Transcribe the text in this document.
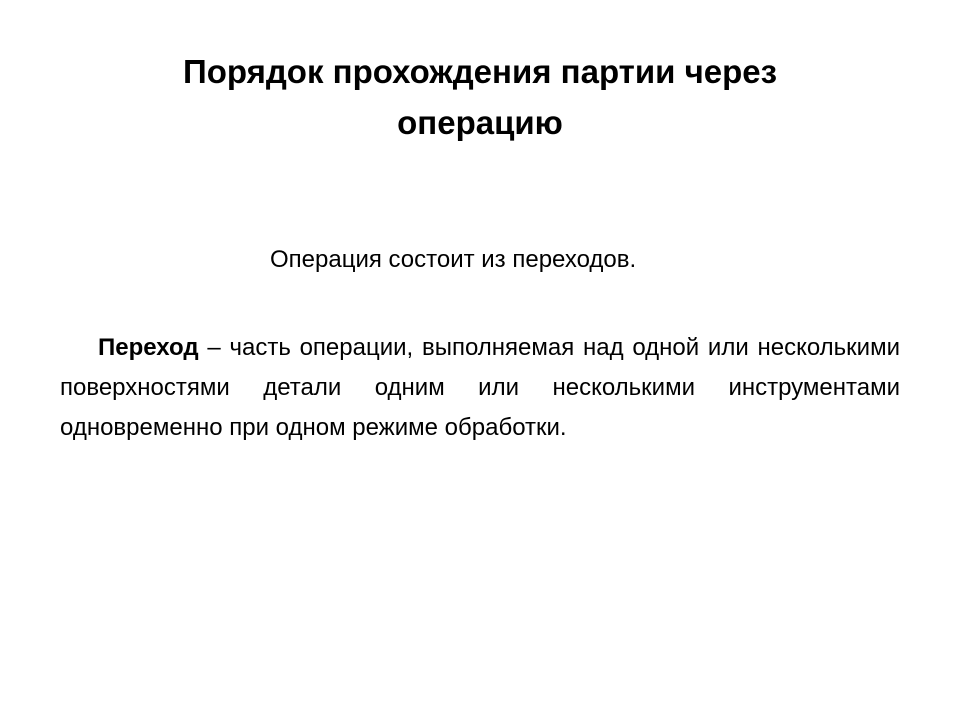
Порядок прохождения партии через операцию

Операция состоит из переходов.

Переход – часть операции, выполняемая над одной или несколькими поверхностями детали одним или несколькими инструментами одновременно при одном режиме обработки.
